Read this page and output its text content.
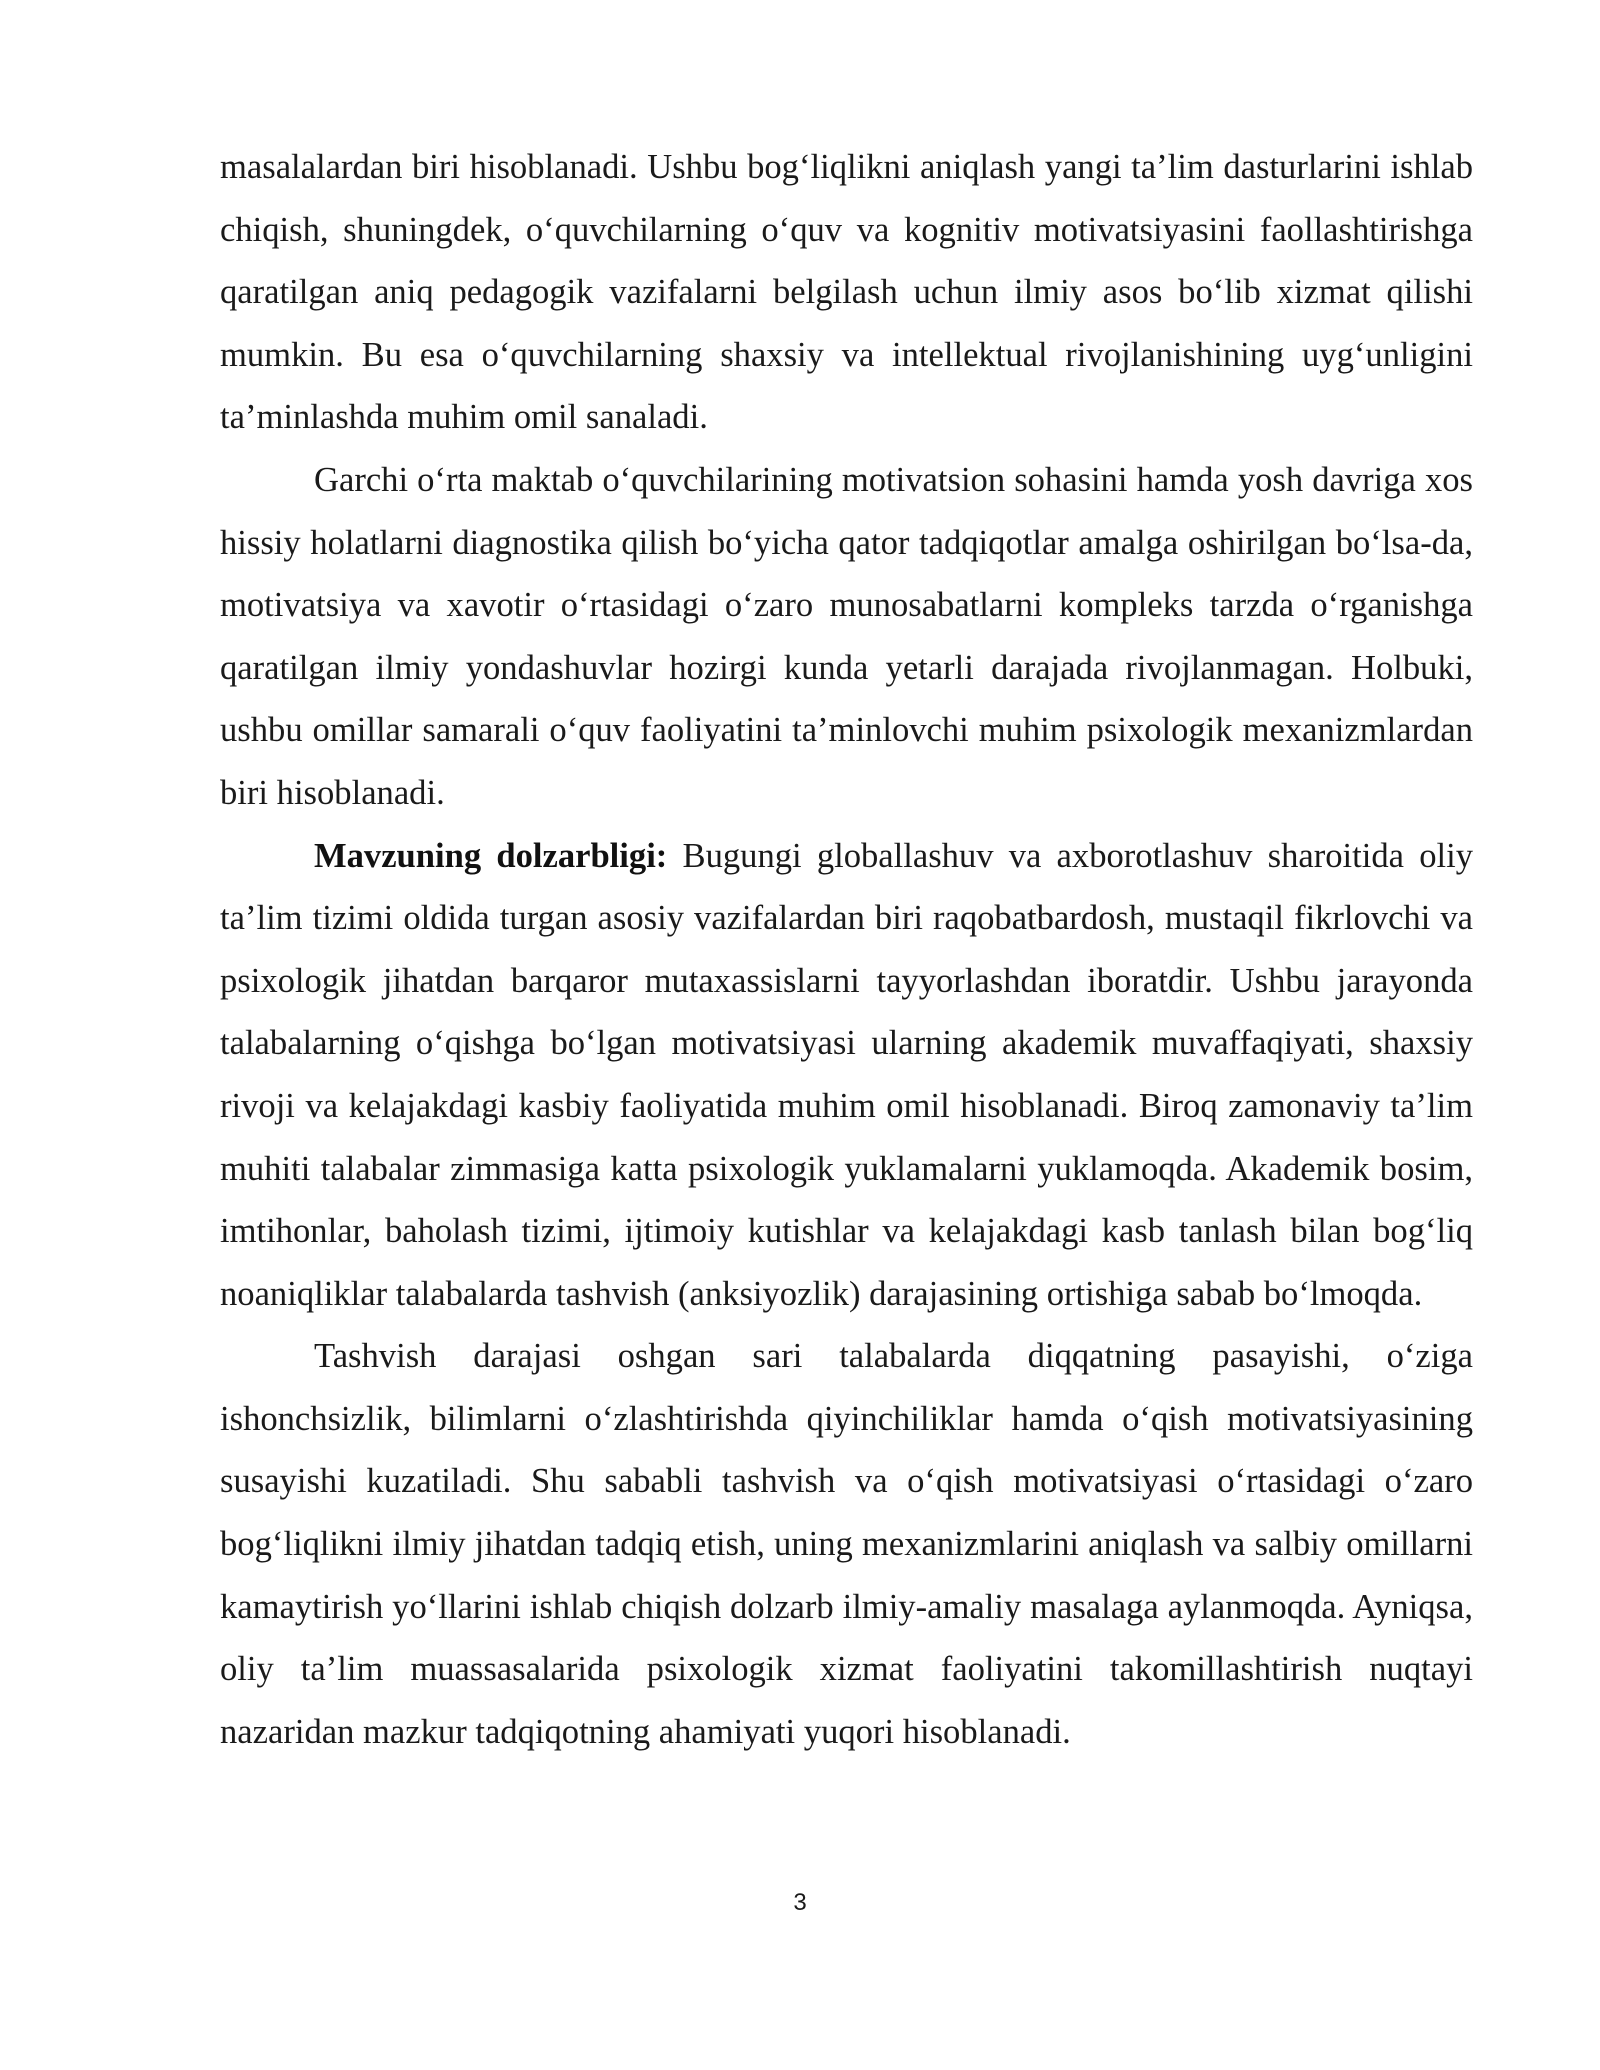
masalalardan biri hisoblanadi. Ushbu bog‘liqlikni aniqlash yangi ta’lim dasturlarini ishlab chiqish, shuningdek, o‘quvchilarning o‘quv va kognitiv motivatsiyasini faollashtirishga qaratilgan aniq pedagogik vazifalarni belgilash uchun ilmiy asos bo‘lib xizmat qilishi mumkin. Bu esa o‘quvchilarning shaxsiy va intellektual rivojlanishining uyg‘unligini ta’minlashda muhim omil sanaladi.

Garchi o‘rta maktab o‘quvchilarining motivatsion sohasini hamda yosh davriga xos hissiy holatlarni diagnostika qilish bo‘yicha qator tadqiqotlar amalga oshirilgan bo‘lsa-da, motivatsiya va xavotir o‘rtasidagi o‘zaro munosabatlarni kompleks tarzda o‘rganishga qaratilgan ilmiy yondashuvlar hozirgi kunda yetarli darajada rivojlanmagan. Holbuki, ushbu omillar samarali o‘quv faoliyatini ta’minlovchi muhim psixologik mexanizmlardan biri hisoblanadi.

Mavzuning dolzarbligi: Bugungi globallashuv va axborotlashuv sharoitida oliy ta’lim tizimi oldida turgan asosiy vazifalardan biri raqobatbardosh, mustaqil fikrlovchi va psixologik jihatdan barqaror mutaxassislarni tayyorlashdan iboratdir. Ushbu jarayonda talabalarning o‘qishga bo‘lgan motivatsiyasi ularning akademik muvaffaqiyati, shaxsiy rivoji va kelajakdagi kasbiy faoliyatida muhim omil hisoblanadi. Biroq zamonaviy ta’lim muhiti talabalar zimmasiga katta psixologik yuklamalarni yuklamoqda. Akademik bosim, imtihonlar, baholash tizimi, ijtimoiy kutishlar va kelajakdagi kasb tanlash bilan bog‘liq noaniqliklar talabalarda tashvish (anksiyozlik) darajasining ortishiga sabab bo‘lmoqda.

Tashvish darajasi oshgan sari talabalarda diqqatning pasayishi, o‘ziga ishonchsizlik, bilimlarni o‘zlashtirishda qiyinchiliklar hamda o‘qish motivatsiyasining susayishi kuzatiladi. Shu sababli tashvish va o‘qish motivatsiyasi o‘rtasidagi o‘zaro bog‘liqlikni ilmiy jihatdan tadqiq etish, uning mexanizmlarini aniqlash va salbiy omillarni kamaytirish yo‘llarini ishlab chiqish dolzarb ilmiy-amaliy masalaga aylanmoqda. Ayniqsa, oliy ta’lim muassasalarida psixologik xizmat faoliyatini takomillashtirish nuqtayi nazaridan mazkur tadqiqotning ahamiyati yuqori hisoblanadi.

3
